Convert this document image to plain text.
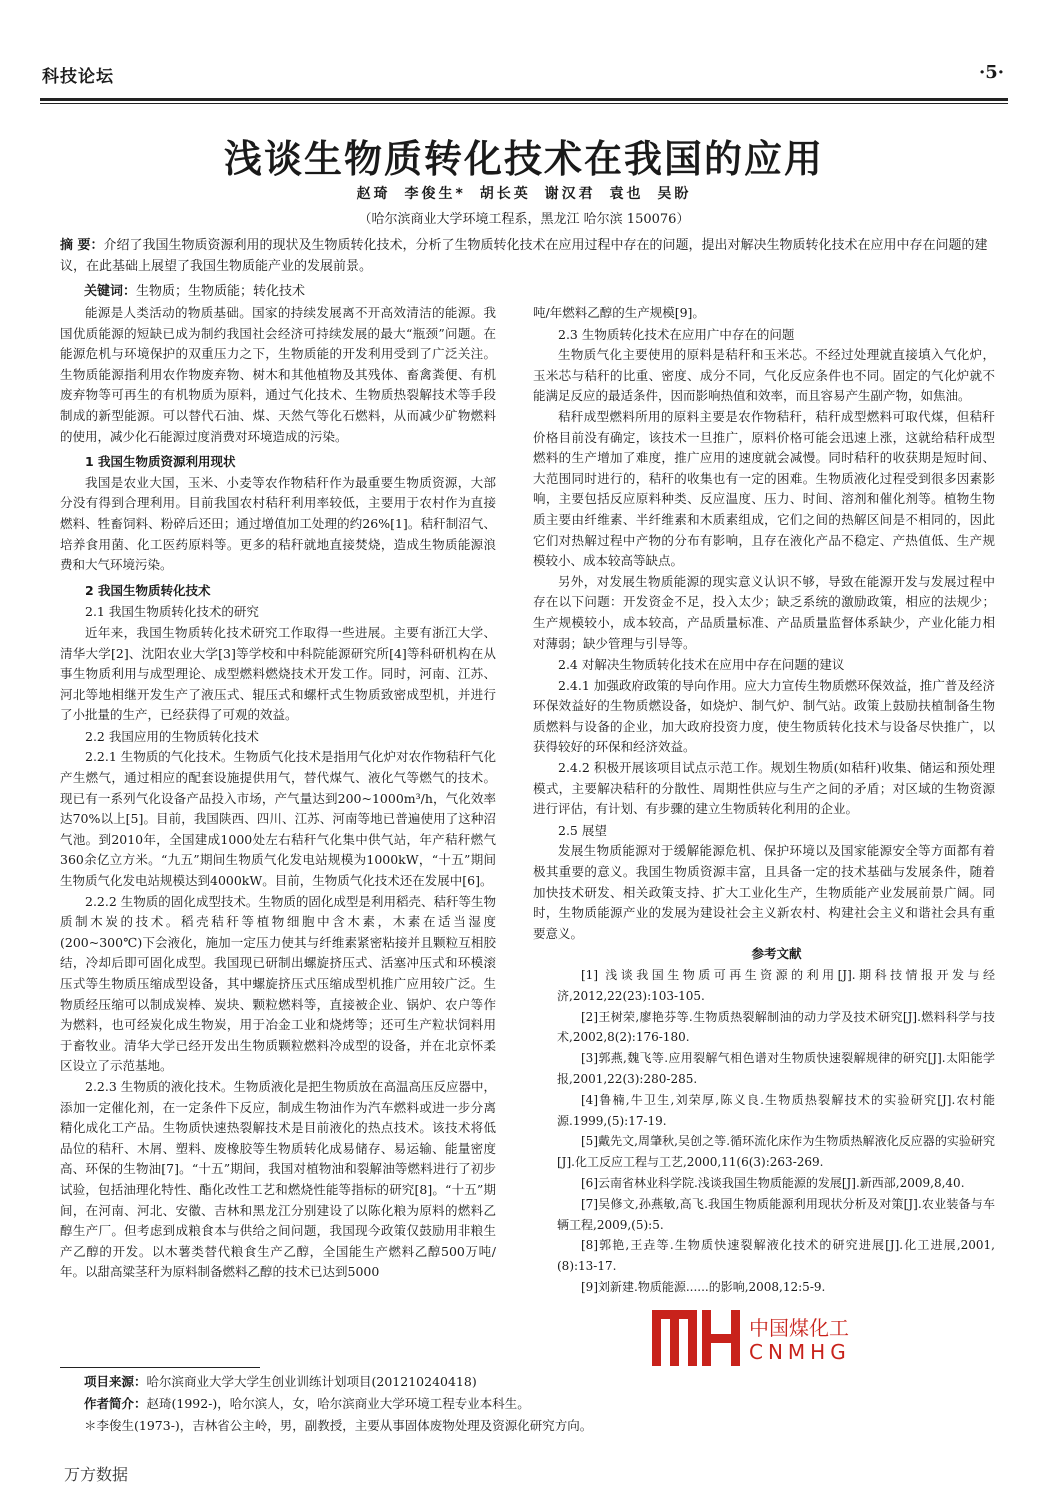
科技论坛	·5·
浅谈生物质转化技术在我国的应用
赵琦 李俊生* 胡长英 谢汉君 袁也 吴盼
（哈尔滨商业大学环境工程系，黑龙江 哈尔滨 150076）
摘 要：介绍了我国生物质资源利用的现状及生物质转化技术，分析了生物质转化技术在应用过程中存在的问题，提出对解决生物质转化技术在应用中存在问题的建议，在此基础上展望了我国生物质能产业的发展前景。
关键词：生物质；生物质能；转化技术

能源是人类活动的物质基础。国家的持续发展离不开高效清洁的能源。我国优质能源的短缺已成为制约我国社会经济可持续发展的最大“瓶颈”问题。在能源危机与环境保护的双重压力之下，生物质能的开发利用受到了广泛关注。生物质能源指利用农作物废弃物、树木和其他植物及其残体、畜禽粪便、有机废弃物等可再生的有机物质为原料，通过气化技术、生物质热裂解技术等手段制成的新型能源。可以替代石油、煤、天然气等化石燃料，从而减少矿物燃料的使用，减少化石能源过度消费对环境造成的污染。

1 我国生物质资源利用现状

我国是农业大国，玉米、小麦等农作物秸秆作为最重要生物质资源，大部分没有得到合理利用。目前我国农村秸秆利用率较低，主要用于农村作为直接燃料、牲畜饲料、粉碎后还田；通过增值加工处理的约26%[1]。秸秆制沼气、培养食用菌、化工医药原料等。更多的秸秆就地直接焚烧，造成生物质能源浪费和大气环境污染。

2 我国生物质转化技术

2.1 我国生物质转化技术的研究

近年来，我国生物质转化技术研究工作取得一些进展。主要有浙江大学、清华大学[2]、沈阳农业大学[3]等学校和中科院能源研究所[4]等科研机构在从事生物质利用与成型理论、成型燃料燃烧技术开发工作。同时，河南、江苏、河北等地相继开发生产了液压式、辊压式和螺杆式生物质致密成型机，并进行了小批量的生产，已经获得了可观的效益。

2.2 我国应用的生物质转化技术

2.2.1 生物质的气化技术。生物质气化技术是指用气化炉对农作物秸秆气化产生燃气，通过相应的配套设施提供用气，替代煤气、液化气等燃气的技术。现已有一系列气化设备产品投入市场，产气量达到200~1000m³/h，气化效率达70%以上[5]。目前，我国陕西、四川、江苏、河南等地已普遍使用了这种沼气池。到2010年，全国建成1000处左右秸秆气化集中供气站，年产秸秆燃气360余亿立方米。“九五”期间生物质气化发电站规模为1000kW，“十五”期间生物质气化发电站规模达到4000kW。目前，生物质气化技术还在发展中[6]。

2.2.2 生物质的固化成型技术。生物质的固化成型是利用稻壳、秸秆等生物质制木炭的技术。稻壳秸秆等植物细胞中含木素，木素在适当湿度(200~300℃)下会液化，施加一定压力使其与纤维素紧密粘接并且颗粒互相胶结，冷却后即可固化成型。我国现已研制出螺旋挤压式、活塞冲压式和环模滚压式等生物质压缩成型设备，其中螺旋挤压式压缩成型机推广应用较广泛。生物质经压缩可以制成炭棒、炭块、颗粒燃料等，直接被企业、锅炉、农户等作为燃料，也可经炭化成生物炭，用于冶金工业和烧烤等；还可生产粒状饲料用于畜牧业。清华大学已经开发出生物质颗粒燃料冷成型的设备，并在北京怀柔区设立了示范基地。

2.2.3 生物质的液化技术。生物质液化是把生物质放在高温高压反应器中，添加一定催化剂，在一定条件下反应，制成生物油作为汽车燃料或进一步分离精化成化工产品。生物质快速热裂解技术是目前液化的热点技术。该技术将低品位的秸秆、木屑、塑料、废橡胶等生物质转化成易储存、易运输、能量密度高、环保的生物油[7]。“十五”期间，我国对植物油和裂解油等燃料进行了初步试验，包括油理化特性、酯化改性工艺和燃烧性能等指标的研究[8]。“十五”期间，在河南、河北、安徽、吉林和黑龙江分别建设了以陈化粮为原料的燃料乙醇生产厂。但考虑到成粮食本与供给之间问题，我国现今政策仅鼓励用非粮生产乙醇的开发。以木薯类替代粮食生产乙醇，全国能生产燃料乙醇500万吨/年。以甜高粱茎秆为原料制备燃料乙醇的技术已达到5000

吨/年燃料乙醇的生产规模[9]。

2.3 生物质转化技术在应用广中存在的问题

生物质气化主要使用的原料是秸秆和玉米芯。不经过处理就直接填入气化炉，玉米芯与秸秆的比重、密度、成分不同，气化反应条件也不同。固定的气化炉就不能满足反应的最适条件，因而影响热值和效率，而且容易产生副产物，如焦油。

秸秆成型燃料所用的原料主要是农作物秸秆，秸秆成型燃料可取代煤，但秸秆价格目前没有确定，该技术一旦推广，原料价格可能会迅速上涨，这就给秸秆成型燃料的生产增加了难度，推广应用的速度就会减慢。同时秸秆的收获期是短时间、大范围同时进行的，秸秆的收集也有一定的困难。生物质液化过程受到很多因素影响，主要包括反应原料种类、反应温度、压力、时间、溶剂和催化剂等。植物生物质主要由纤维素、半纤维素和木质素组成，它们之间的热解区间是不相同的，因此它们对热解过程中产物的分布有影响，且存在液化产品不稳定、产热值低、生产规模较小、成本较高等缺点。

另外，对发展生物质能源的现实意义认识不够，导致在能源开发与发展过程中存在以下问题：开发资金不足，投入太少；缺乏系统的激励政策，相应的法规少；生产规模较小，成本较高，产品质量标准、产品质量监督体系缺少，产业化能力相对薄弱；缺少管理与引导等。

2.4 对解决生物质转化技术在应用中存在问题的建议

2.4.1 加强政府政策的导向作用。应大力宣传生物质燃环保效益，推广普及经济环保效益好的生物质燃设备，如烧炉、制气炉、制气站。政策上鼓励扶植制备生物质燃料与设备的企业，加大政府投资力度，使生物质转化技术与设备尽快推广，以获得较好的环保和经济效益。

2.4.2 积极开展该项目试点示范工作。规划生物质(如秸秆)收集、储运和预处理模式，主要解决秸秆的分散性、周期性供应与生产之间的矛盾；对区域的生物资源进行评估，有计划、有步骤的建立生物质转化利用的企业。

2.5 展望

发展生物质能源对于缓解能源危机、保护环境以及国家能源安全等方面都有着极其重要的意义。我国生物质资源丰富，且具备一定的技术基础与发展条件，随着加快技术研发、相关政策支持、扩大工业化生产，生物质能产业发展前景广阔。同时，生物质能源产业的发展为建设社会主义新农村、构建社会主义和谐社会具有重要意义。

参考文献

[1] 浅谈我国生物质可再生资源的利用[J].期科技情报开发与经济,2012,22(23):103-105.

[2]王树荣,廖艳芬等.生物质热裂解制油的动力学及技术研究[J].燃料科学与技术,2002,8(2):176-180.

[3]郭燕,魏飞等.应用裂解气相色谱对生物质快速裂解规律的研究[J].太阳能学报,2001,22(3):280-285.

[4]鲁楠,牛卫生,刘荣厚,陈义良.生物质热裂解技术的实验研究[J].农村能源.1999,(5):17-19.

[5]戴先文,周肇秋,吴创之等.循环流化床作为生物质热解液化反应器的实验研究[J].化工反应工程与工艺,2000,11(6(3):263-269.

[6]云南省林业科学院.浅谈我国生物质能源的发展[J].新西部,2009,8,40.

[7]吴修文,孙燕敏,高飞.我国生物质能源利用现状分析及对策[J].农业装备与车辆工程,2009,(5):5.

[8]郭艳,王垚等.生物质快速裂解液化技术的研究进展[J].化工进展,2001,(8):13-17.

[9]刘新建.物质能源......的影响,2008,12:5-9.

项目来源：哈尔滨商业大学大学生创业训练计划项目(201210240418)
作者简介：赵琦(1992-)，哈尔滨人，女，哈尔滨商业大学环境工程专业本科生。
＊李俊生(1973-)，吉林省公主岭，男，副教授，主要从事固体废物处理及资源化研究方向。
万方数据
中国煤化工
CNMHG
